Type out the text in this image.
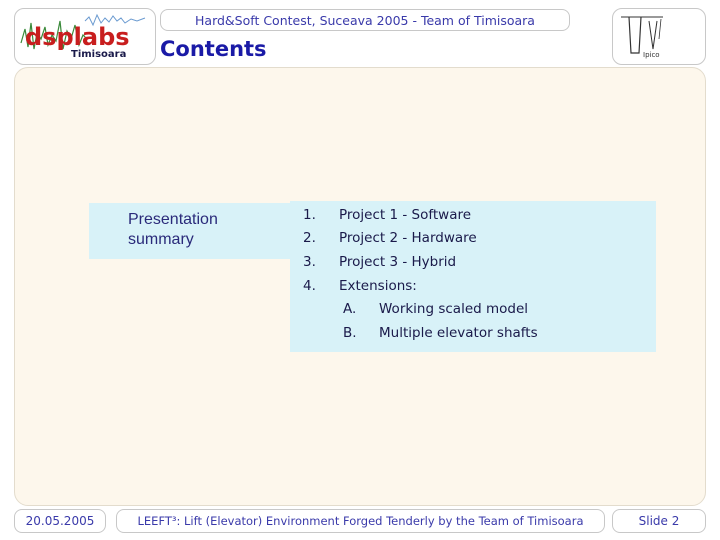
dsplabs
Timisoara
Hard&Soft Contest, Suceava 2005 - Team of Timisoara
Contents	Ipico
Presentation
summary
1. Project 1 - Software
2. Project 2 - Hardware
3. Project 3 - Hybrid
4. Extensions:
A. Working scaled model
B. Multiple elevator shafts
20.05.2005	LEEFT³: Lift (Elevator) Environment Forged Tenderly by the Team of Timisoara	Slide 2
